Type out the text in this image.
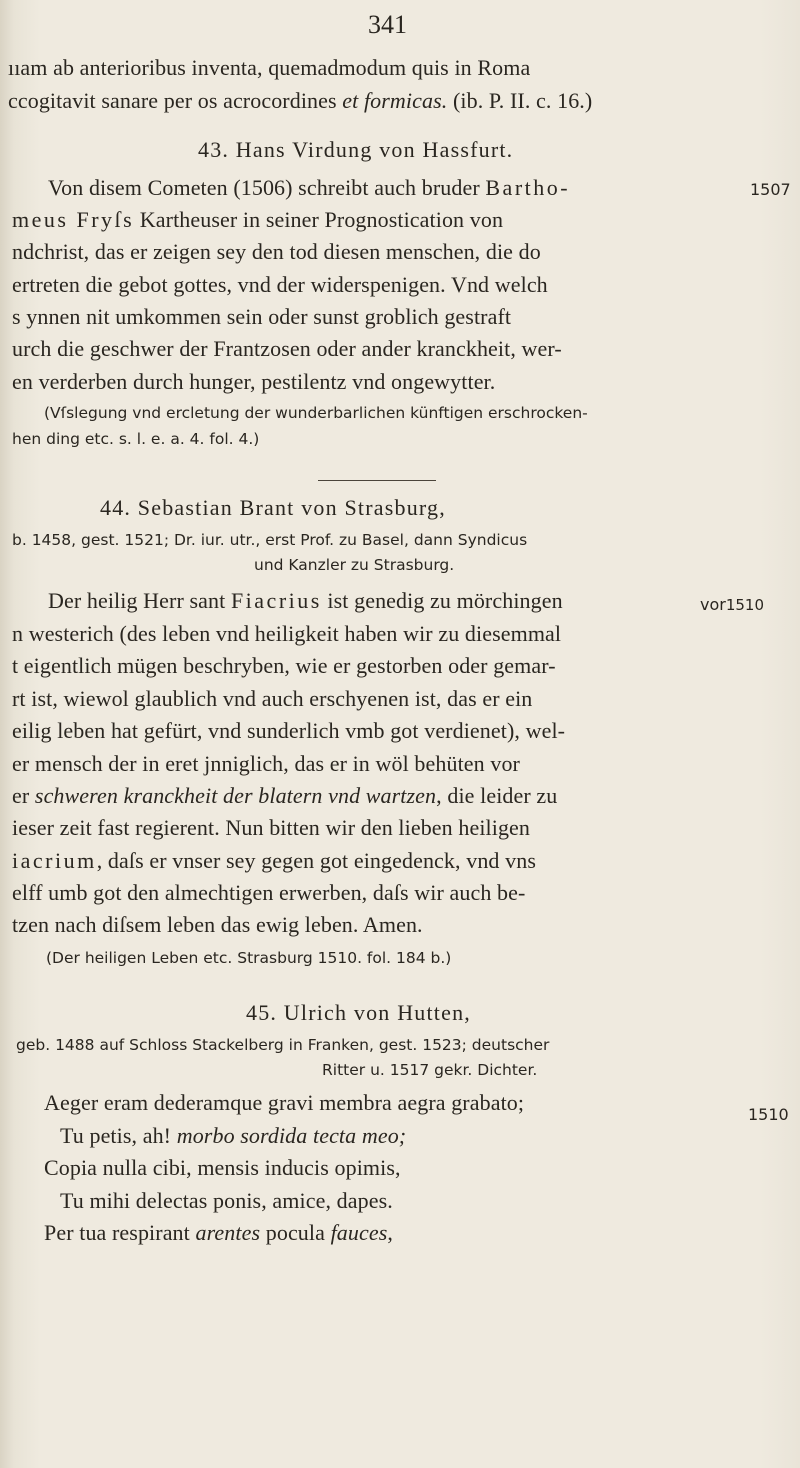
341
ııam ab anterioribus inventa, quemadmodum quis in Roma
ccogitavit sanare per os acrocordines et formicas. (ib. P. II. c. 16.)
43. Hans Virdung von Hassfurt.
Von disem Cometen (1506) schreibt auch bruder Bartho-	1507
meus Fryſs Kartheuser in seiner Prognostication von
ndchrist, das er zeigen sey den tod diesen menschen, die do
ertreten die gebot gottes, vnd der widerspenigen. Vnd welch
s ynnen nit umkommen sein oder sunst groblich gestraft
urch die geschwer der Frantzosen oder ander kranckheit, wer-
en verderben durch hunger, pestilentz vnd ongewytter.
(Vſslegung vnd ercletung der wunderbarlichen künftigen erschrocken-
hen ding etc. s. l. e. a. 4. fol. 4.)
44. Sebastian Brant von Strasburg,
b. 1458, gest. 1521; Dr. iur. utr., erst Prof. zu Basel, dann Syndicus
und Kanzler zu Strasburg.
Der heilig Herr sant Fiacrius ist genedig zu mörchingen	vor1510
n westerich (des leben vnd heiligkeit haben wir zu diesemmal
t eigentlich mügen beschryben, wie er gestorben oder gemar-
rt ist, wiewol glaublich vnd auch erschyenen ist, das er ein
eilig leben hat gefürt, vnd sunderlich vmb got verdienet), wel-
er mensch der in eret jnniglich, das er in wöl behüten vor
er schweren kranckheit der blatern vnd wartzen, die leider zu
ieser zeit fast regierent. Nun bitten wir den lieben heiligen
iacrium, daſs er vnser sey gegen got eingedenck, vnd vns
elff umb got den almechtigen erwerben, daſs wir auch be-
tzen nach diſsem leben das ewig leben. Amen.
(Der heiligen Leben etc. Strasburg 1510. fol. 184 b.)
45. Ulrich von Hutten,
geb. 1488 auf Schloss Stackelberg in Franken, gest. 1523; deutscher
Ritter u. 1517 gekr. Dichter.
Aeger eram dederamque gravi membra aegra grabato;	1510
Tu petis, ah! morbo sordida tecta meo;
Copia nulla cibi, mensis inducis opimis,
Tu mihi delectas ponis, amice, dapes.
Per tua respirant arentes pocula fauces,
